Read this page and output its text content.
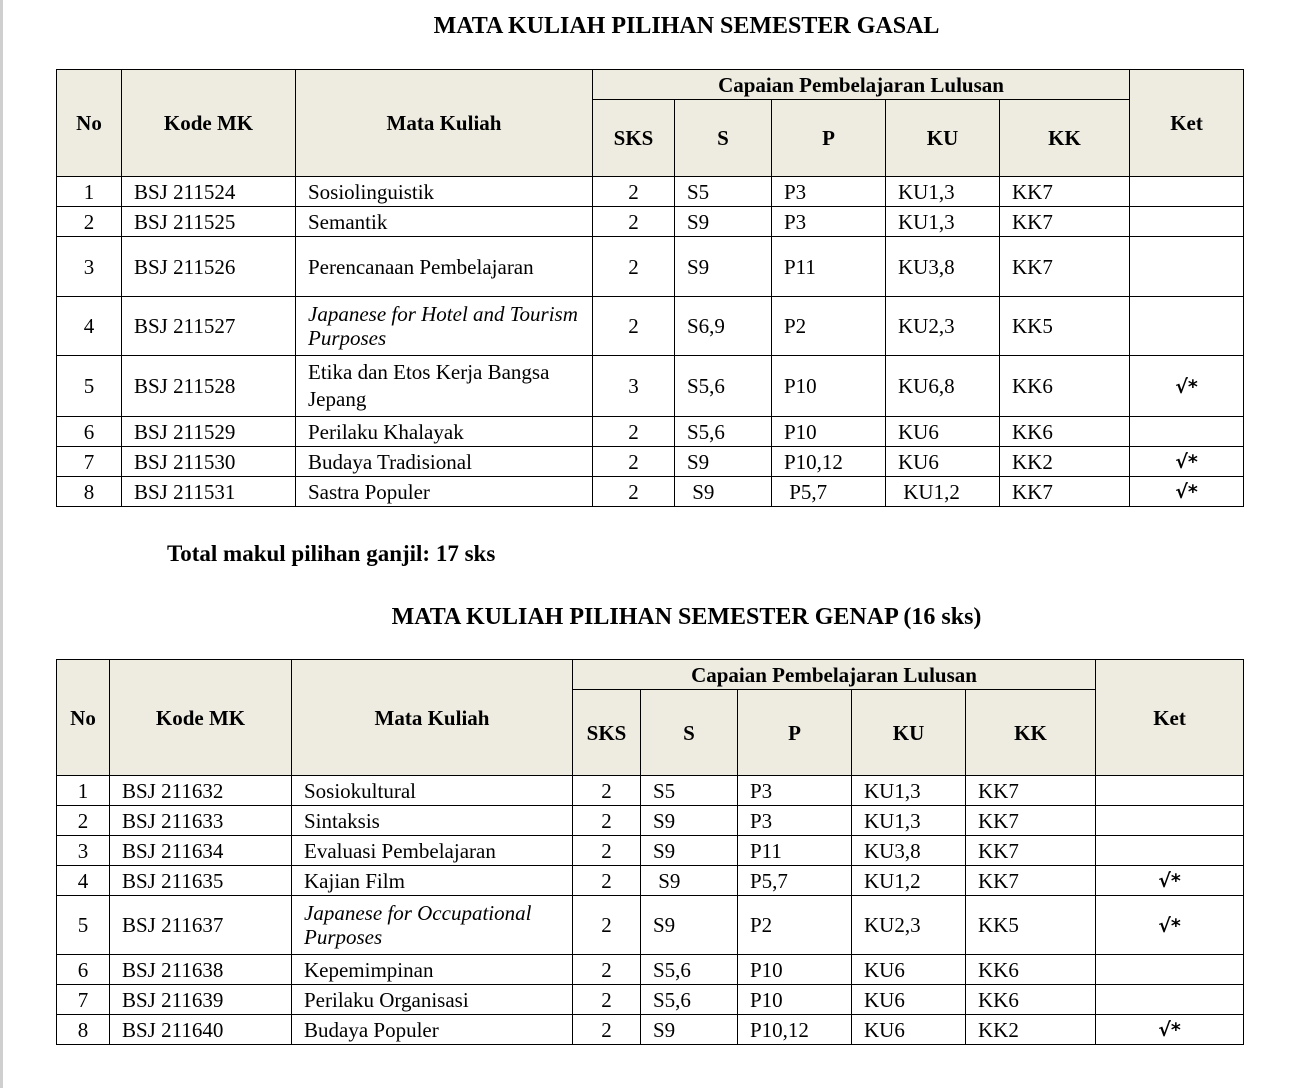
MATA KULIAH PILIHAN SEMESTER GASAL
No	Kode MK	Mata Kuliah	Capaian Pembelajaran Lulusan					Ket
			SKS	S	P	KU	KK	
1	BSJ 211524	Sosiolinguistik	2	S5	P3	KU1,3	KK7	
2	BSJ 211525	Semantik	2	S9	P3	KU1,3	KK7	
3	BSJ 211526	Perencanaan Pembelajaran	2	S9	P11	KU3,8	KK7	
4	BSJ 211527	Japanese for Hotel and Tourism Purposes	2	S6,9	P2	KU2,3	KK5	
5	BSJ 211528	Etika dan Etos Kerja Bangsa Jepang	3	S5,6	P10	KU6,8	KK6	√*
6	BSJ 211529	Perilaku Khalayak	2	S5,6	P10	KU6	KK6	
7	BSJ 211530	Budaya Tradisional	2	S9	P10,12	KU6	KK2	√*
8	BSJ 211531	Sastra Populer	2	S9	P5,7	KU1,2	KK7	√*
Total makul pilihan ganjil: 17 sks
MATA KULIAH PILIHAN SEMESTER GENAP (16 sks)
No	Kode MK	Mata Kuliah	Capaian Pembelajaran Lulusan					Ket
			SKS	S	P	KU	KK	
1	BSJ 211632	Sosiokultural	2	S5	P3	KU1,3	KK7	
2	BSJ 211633	Sintaksis	2	S9	P3	KU1,3	KK7	
3	BSJ 211634	Evaluasi Pembelajaran	2	S9	P11	KU3,8	KK7	
4	BSJ 211635	Kajian Film	2	S9	P5,7	KU1,2	KK7	√*
5	BSJ 211637	Japanese for Occupational Purposes	2	S9	P2	KU2,3	KK5	√*
6	BSJ 211638	Kepemimpinan	2	S5,6	P10	KU6	KK6	
7	BSJ 211639	Perilaku Organisasi	2	S5,6	P10	KU6	KK6	
8	BSJ 211640	Budaya Populer	2	S9	P10,12	KU6	KK2	√*
